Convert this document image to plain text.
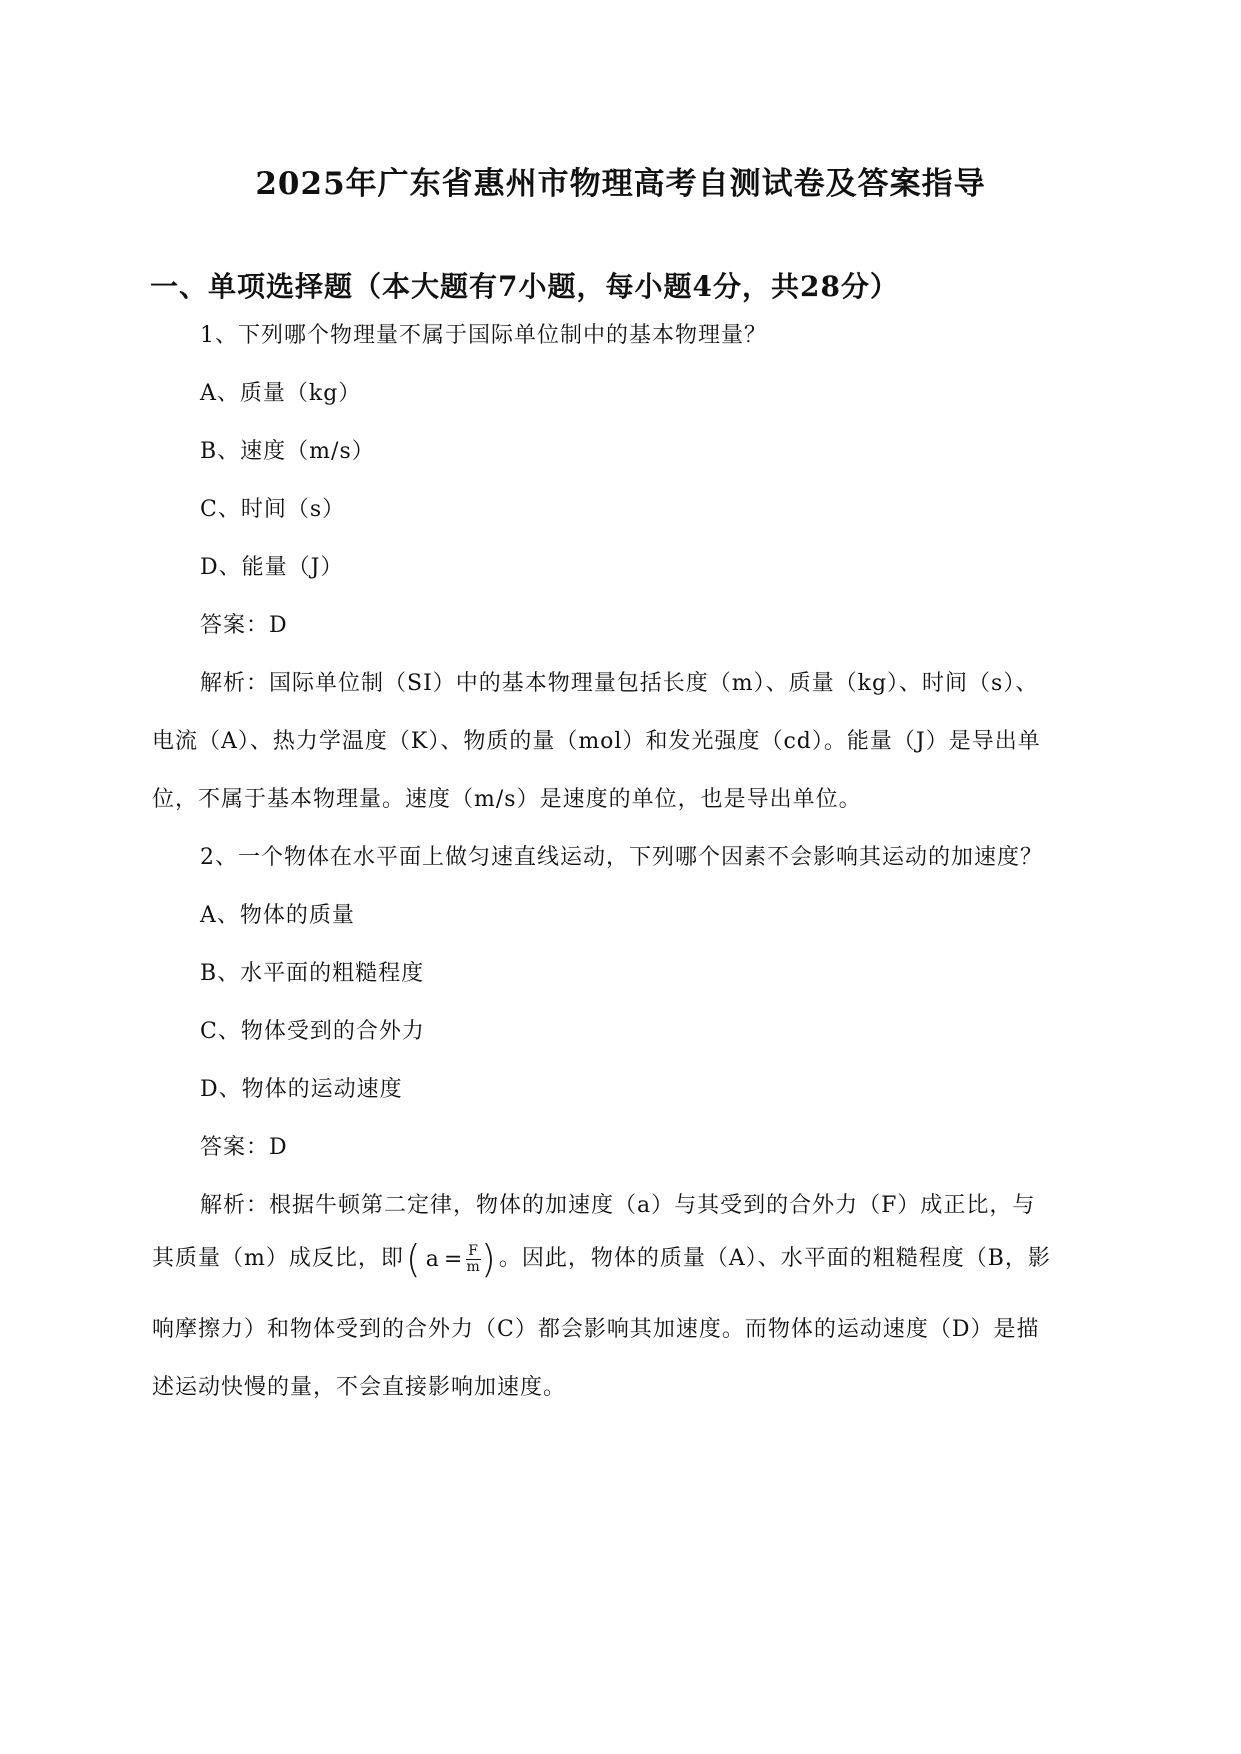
2025年广东省惠州市物理高考自测试卷及答案指导
一、单项选择题（本大题有7小题，每小题4分，共28分）
1、下列哪个物理量不属于国际单位制中的基本物理量？
A、质量（kg）
B、速度（m/s）
C、时间（s）
D、能量（J）
答案：D
解析：国际单位制（SI）中的基本物理量包括长度（m）、质量（kg）、时间（s）、
电流（A）、热力学温度（K）、物质的量（mol）和发光强度（cd）。能量（J）是导出单
位，不属于基本物理量。速度（m/s）是速度的单位，也是导出单位。
2、一个物体在水平面上做匀速直线运动，下列哪个因素不会影响其运动的加速度？
A、物体的质量
B、水平面的粗糙程度
C、物体受到的合外力
D、物体的运动速度
答案：D
解析：根据牛顿第二定律，物体的加速度（a）与其受到的合外力（F）成正比，与
其质量（m）成反比，即 ( $a = \frac{F}{m}$ ) 。因此，物体的质量（A）、水平面的粗糙程度（B，影
响摩擦力）和物体受到的合外力（C）都会影响其加速度。而物体的运动速度（D）是描
述运动快慢的量，不会直接影响加速度。
